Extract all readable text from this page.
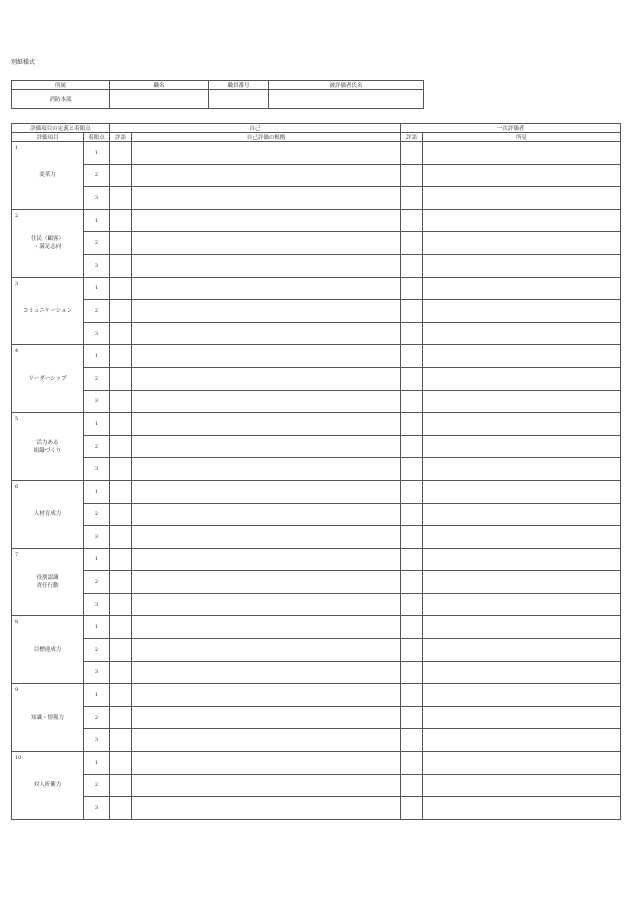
別紙様式
所属	職名	職員番号	被評価者氏名
消防本部			
評価項目の定義と着眼点		自己		一次評価者	
評価項目	着眼点	評語	自己評価の根拠	評語	所見

1
変革力	1				
	2				
	3				

2
住民（顧客）
・満足志向	1				
	2				
	3				

3
コミュニケーション	1				
	2				
	3				

4
リーダーシップ	1				
	2				
	3				

5
活力ある
組織づくり	1				
	2				
	3				

6
人材育成力	1				
	2				
	3				

7
役割認識
責任行動	1				
	2				
	3				

8
目標達成力	1				
	2				
	3				

9
知識・情報力	1				
	2				
	3				

10
対人折衝力	1				
	2				
	3				
